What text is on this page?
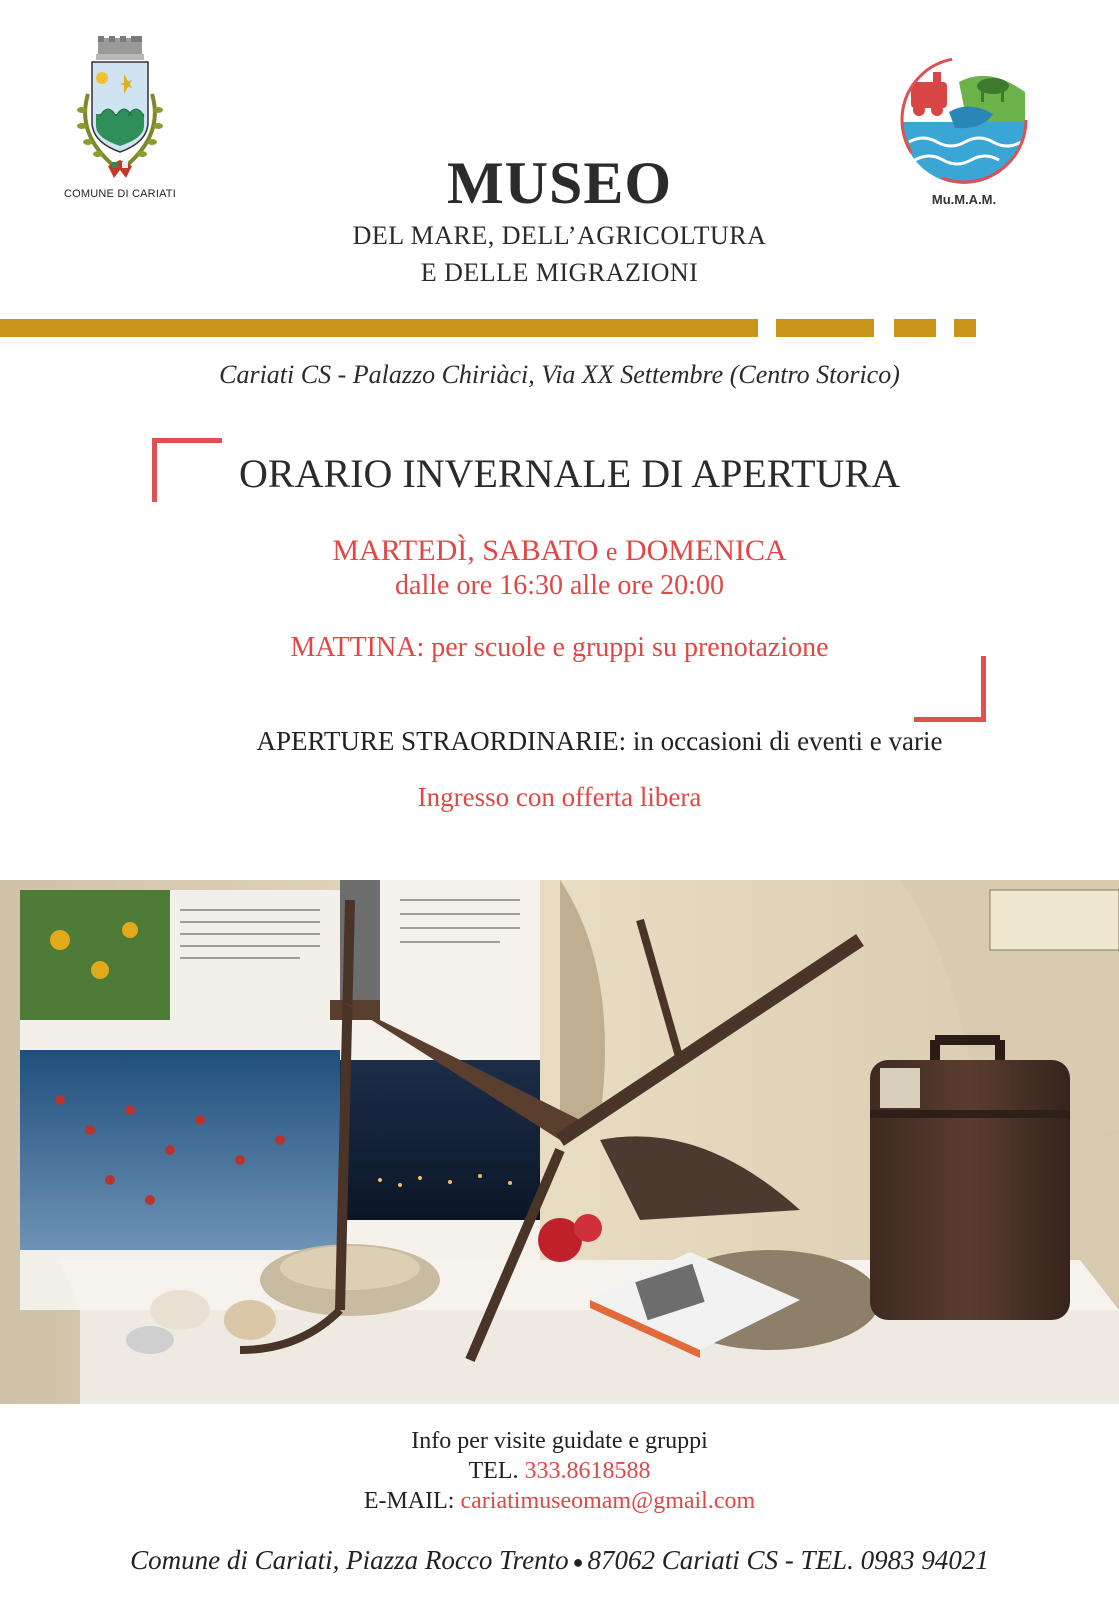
COMUNE DI CARIATI	Mu.M.A.M.
MUSEO
DEL MARE, DELL’AGRICOLTURA
E DELLE MIGRAZIONI
Cariati CS - Palazzo Chiriàci, Via XX Settembre (Centro Storico)
ORARIO INVERNALE DI APERTURA
MARTEDÌ, SABATO e DOMENICA
dalle ore 16:30 alle ore 20:00
MATTINA: per scuole e gruppi su prenotazione
APERTURE STRAORDINARIE: in occasioni di eventi e varie
Ingresso con offerta libera
Info per visite guidate e gruppi
TEL. 333.8618588
E-MAIL: cariatimuseomam@gmail.com
Comune di Cariati, Piazza Rocco Trento ● 87062 Cariati CS - TEL. 0983 94021
